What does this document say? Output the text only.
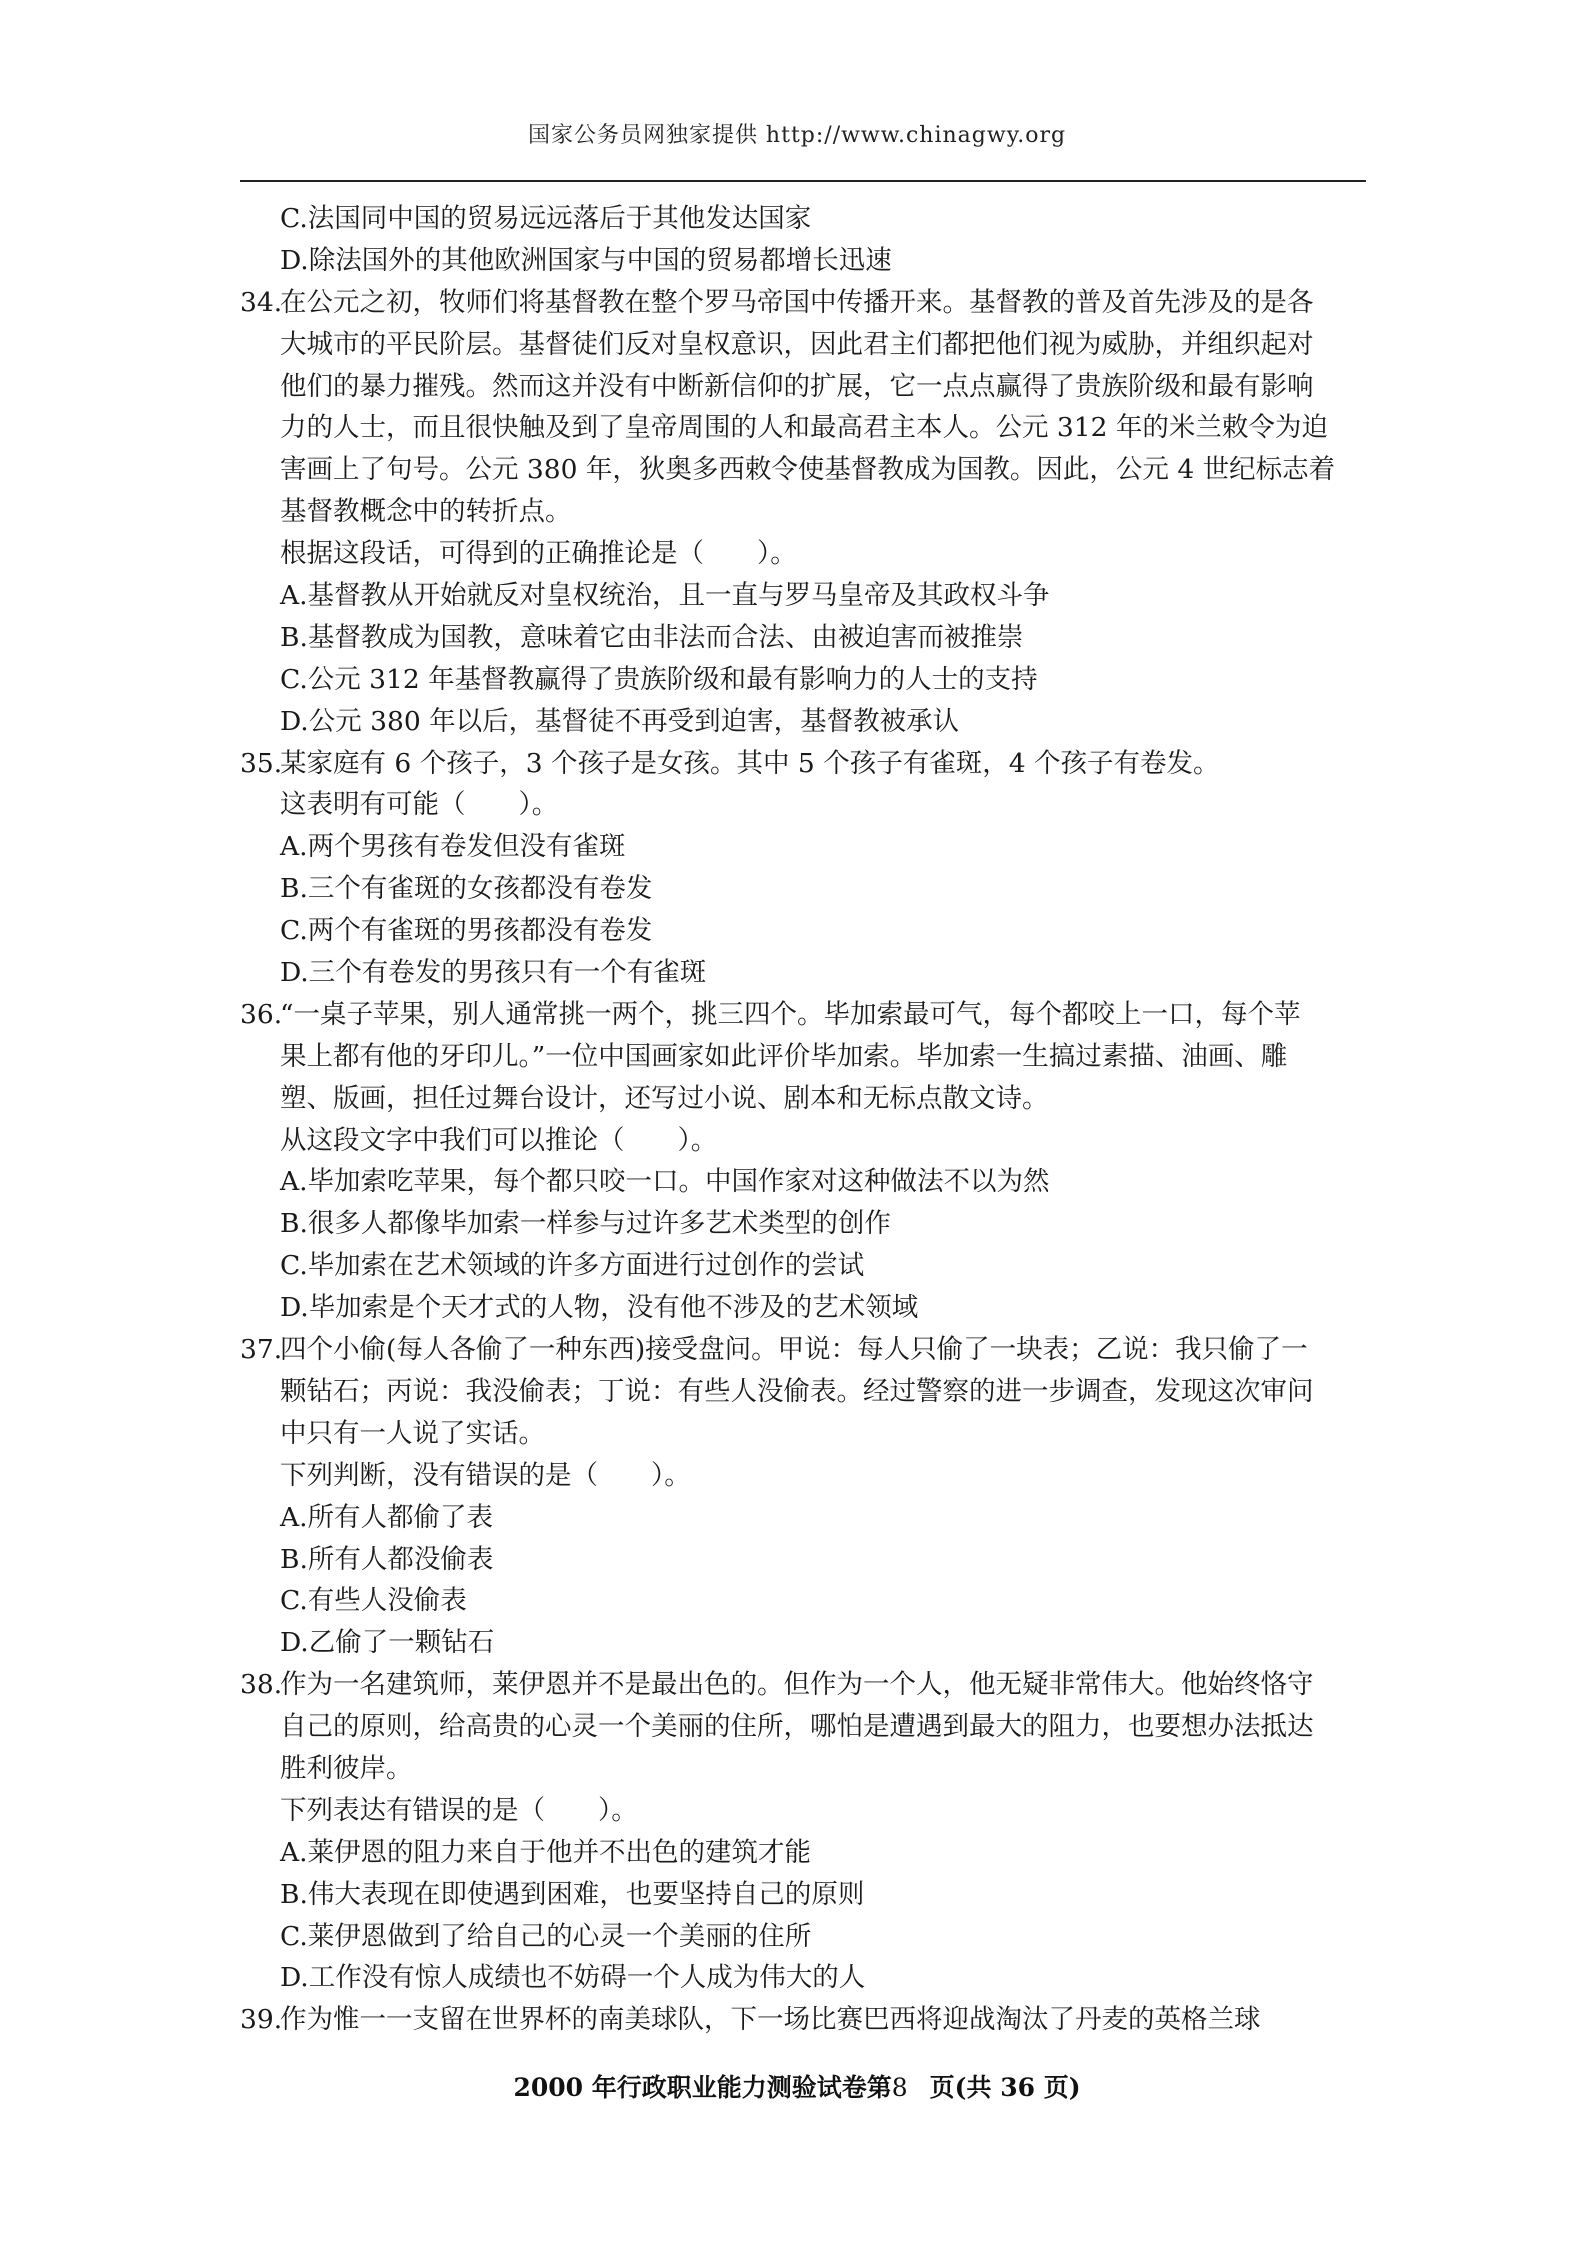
国家公务员网独家提供 http://www.chinagwy.org
C.法国同中国的贸易远远落后于其他发达国家
D.除法国外的其他欧洲国家与中国的贸易都增长迅速
34.在公元之初，牧师们将基督教在整个罗马帝国中传播开来。基督教的普及首先涉及的是各
大城市的平民阶层。基督徒们反对皇权意识，因此君主们都把他们视为威胁，并组织起对
他们的暴力摧残。然而这并没有中断新信仰的扩展，它一点点赢得了贵族阶级和最有影响
力的人士，而且很快触及到了皇帝周围的人和最高君主本人。公元 312 年的米兰敕令为迫
害画上了句号。公元 380 年，狄奥多西敕令使基督教成为国教。因此，公元 4 世纪标志着
基督教概念中的转折点。
根据这段话，可得到的正确推论是（　　）。
A.基督教从开始就反对皇权统治，且一直与罗马皇帝及其政权斗争
B.基督教成为国教，意味着它由非法而合法、由被迫害而被推崇
C.公元 312 年基督教赢得了贵族阶级和最有影响力的人士的支持
D.公元 380 年以后，基督徒不再受到迫害，基督教被承认
35.某家庭有 6 个孩子，3 个孩子是女孩。其中 5 个孩子有雀斑，4 个孩子有卷发。
这表明有可能（　　）。
A.两个男孩有卷发但没有雀斑
B.三个有雀斑的女孩都没有卷发
C.两个有雀斑的男孩都没有卷发
D.三个有卷发的男孩只有一个有雀斑
36.“一桌子苹果，别人通常挑一两个，挑三四个。毕加索最可气，每个都咬上一口，每个苹
果上都有他的牙印儿。”一位中国画家如此评价毕加索。毕加索一生搞过素描、油画、雕
塑、版画，担任过舞台设计，还写过小说、剧本和无标点散文诗。
从这段文字中我们可以推论（　　）。
A.毕加索吃苹果，每个都只咬一口。中国作家对这种做法不以为然
B.很多人都像毕加索一样参与过许多艺术类型的创作
C.毕加索在艺术领域的许多方面进行过创作的尝试
D.毕加索是个天才式的人物，没有他不涉及的艺术领域
37.四个小偷(每人各偷了一种东西)接受盘问。甲说：每人只偷了一块表；乙说：我只偷了一
颗钻石；丙说：我没偷表；丁说：有些人没偷表。经过警察的进一步调查，发现这次审问
中只有一人说了实话。
下列判断，没有错误的是（　　）。
A.所有人都偷了表
B.所有人都没偷表
C.有些人没偷表
D.乙偷了一颗钻石
38.作为一名建筑师，莱伊恩并不是最出色的。但作为一个人，他无疑非常伟大。他始终恪守
自己的原则，给高贵的心灵一个美丽的住所，哪怕是遭遇到最大的阻力，也要想办法抵达
胜利彼岸。
下列表达有错误的是（　　）。
A.莱伊恩的阻力来自于他并不出色的建筑才能
B.伟大表现在即使遇到困难，也要坚持自己的原则
C.莱伊恩做到了给自己的心灵一个美丽的住所
D.工作没有惊人成绩也不妨碍一个人成为伟大的人
39.作为惟一一支留在世界杯的南美球队，下一场比赛巴西将迎战淘汰了丹麦的英格兰球
2000 年行政职业能力测验试卷第8 页(共 36 页)
